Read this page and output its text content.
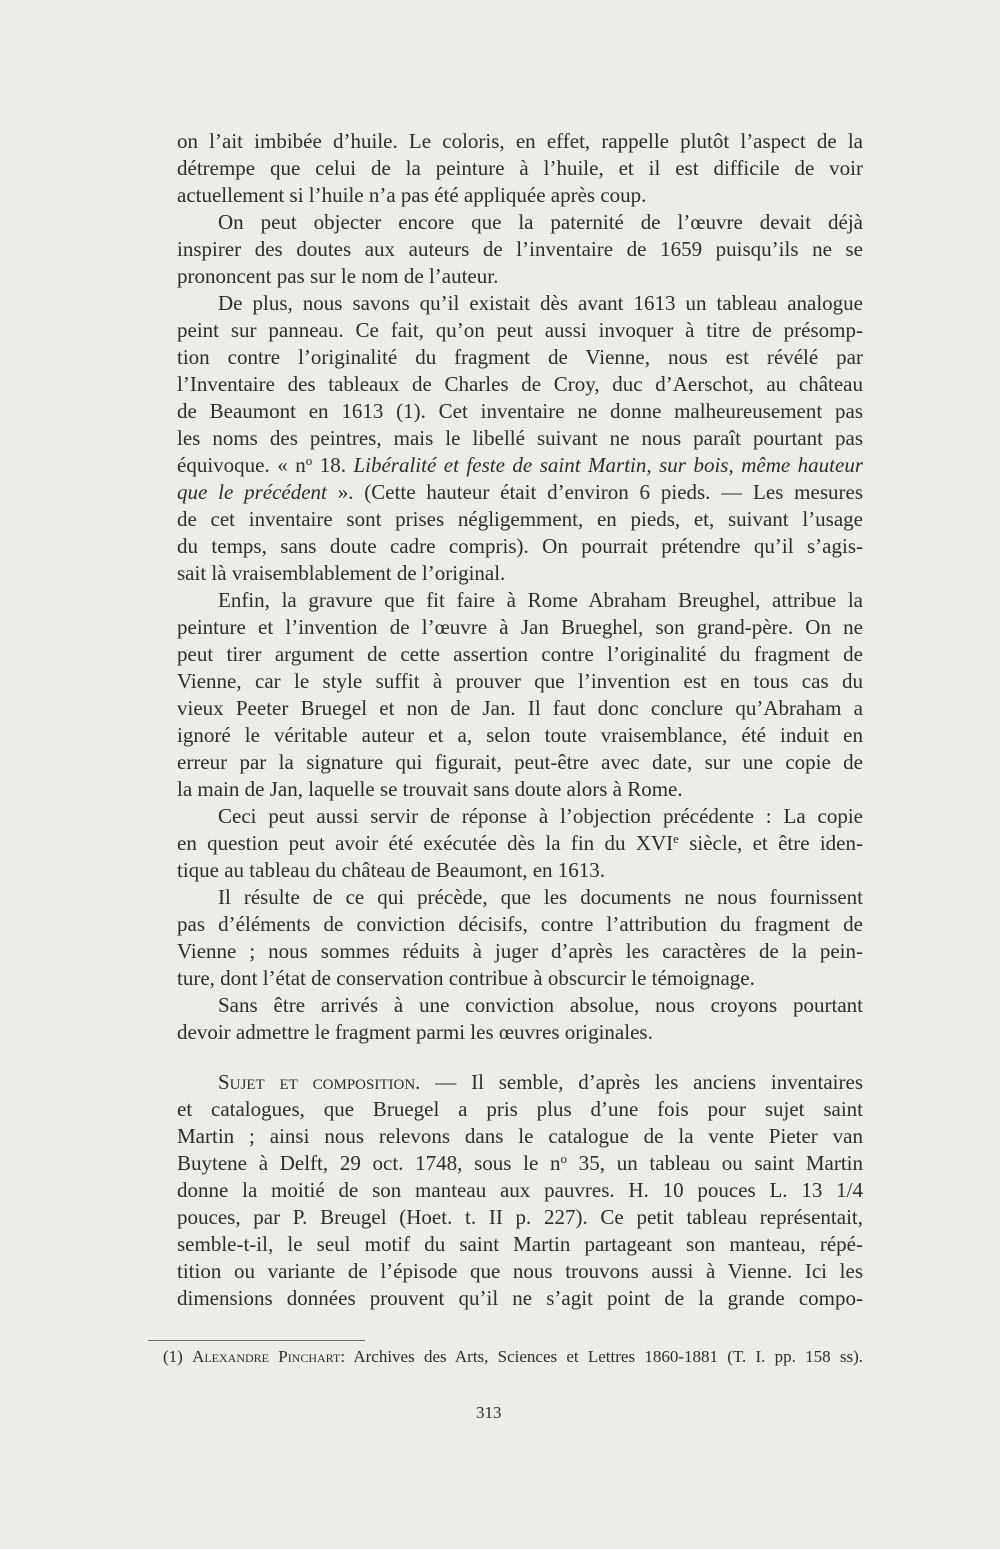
on l’ait imbibée d’huile. Le coloris, en effet, rappelle plutôt l’aspect de la
détrempe que celui de la peinture à l’huile, et il est difficile de voir
actuellement si l’huile n’a pas été appliquée après coup.
On peut objecter encore que la paternité de l’œuvre devait déjà
inspirer des doutes aux auteurs de l’inventaire de 1659 puisqu’ils ne se
prononcent pas sur le nom de l’auteur.
De plus, nous savons qu’il existait dès avant 1613 un tableau analogue
peint sur panneau. Ce fait, qu’on peut aussi invoquer à titre de présomp-
tion contre l’originalité du fragment de Vienne, nous est révélé par
l’Inventaire des tableaux de Charles de Croy, duc d’Aerschot, au château
de Beaumont en 1613 (1). Cet inventaire ne donne malheureusement pas
les noms des peintres, mais le libellé suivant ne nous paraît pourtant pas
équivoque. « $n^o$ 18. Libéralité et feste de saint Martin, sur bois, même hauteur
que le précédent ». (Cette hauteur était d’environ 6 pieds. — Les mesures
de cet inventaire sont prises négligemment, en pieds, et, suivant l’usage
du temps, sans doute cadre compris). On pourrait prétendre qu’il s’agis-
sait là vraisemblablement de l’original.
Enfin, la gravure que fit faire à Rome Abraham Breughel, attribue la
peinture et l’invention de l’œuvre à Jan Brueghel, son grand-père. On ne
peut tirer argument de cette assertion contre l’originalité du fragment de
Vienne, car le style suffit à prouver que l’invention est en tous cas du
vieux Peeter Bruegel et non de Jan. Il faut donc conclure qu’Abraham a
ignoré le véritable auteur et a, selon toute vraisemblance, été induit en
erreur par la signature qui figurait, peut-être avec date, sur une copie de
la main de Jan, laquelle se trouvait sans doute alors à Rome.
Ceci peut aussi servir de réponse à l’objection précédente : La copie
en question peut avoir été exécutée dès la fin du XVIe siècle, et être iden-
tique au tableau du château de Beaumont, en 1613.
Il résulte de ce qui précède, que les documents ne nous fournissent
pas d’éléments de conviction décisifs, contre l’attribution du fragment de
Vienne ; nous sommes réduits à juger d’après les caractères de la pein-
ture, dont l’état de conservation contribue à obscurcir le témoignage.
Sans être arrivés à une conviction absolue, nous croyons pourtant
devoir admettre le fragment parmi les œuvres originales.
Sujet et composition. — Il semble, d’après les anciens inventaires
et catalogues, que Bruegel a pris plus d’une fois pour sujet saint
Martin ; ainsi nous relevons dans le catalogue de la vente Pieter van
Buytene à Delft, 29 oct. 1748, sous le $n^o$ 35, un tableau ou saint Martin
donne la moitié de son manteau aux pauvres. H. 10 pouces L. 13 1/4
pouces, par P. Breugel (Hoet. t. II p. 227). Ce petit tableau représentait,
semble-t-il, le seul motif du saint Martin partageant son manteau, répé-
tition ou variante de l’épisode que nous trouvons aussi à Vienne. Ici les
dimensions données prouvent qu’il ne s’agit point de la grande compo-
(1) Alexandre Pinchart: Archives des Arts, Sciences et Lettres 1860-1881 (T. I. pp. 158 ss).
313
